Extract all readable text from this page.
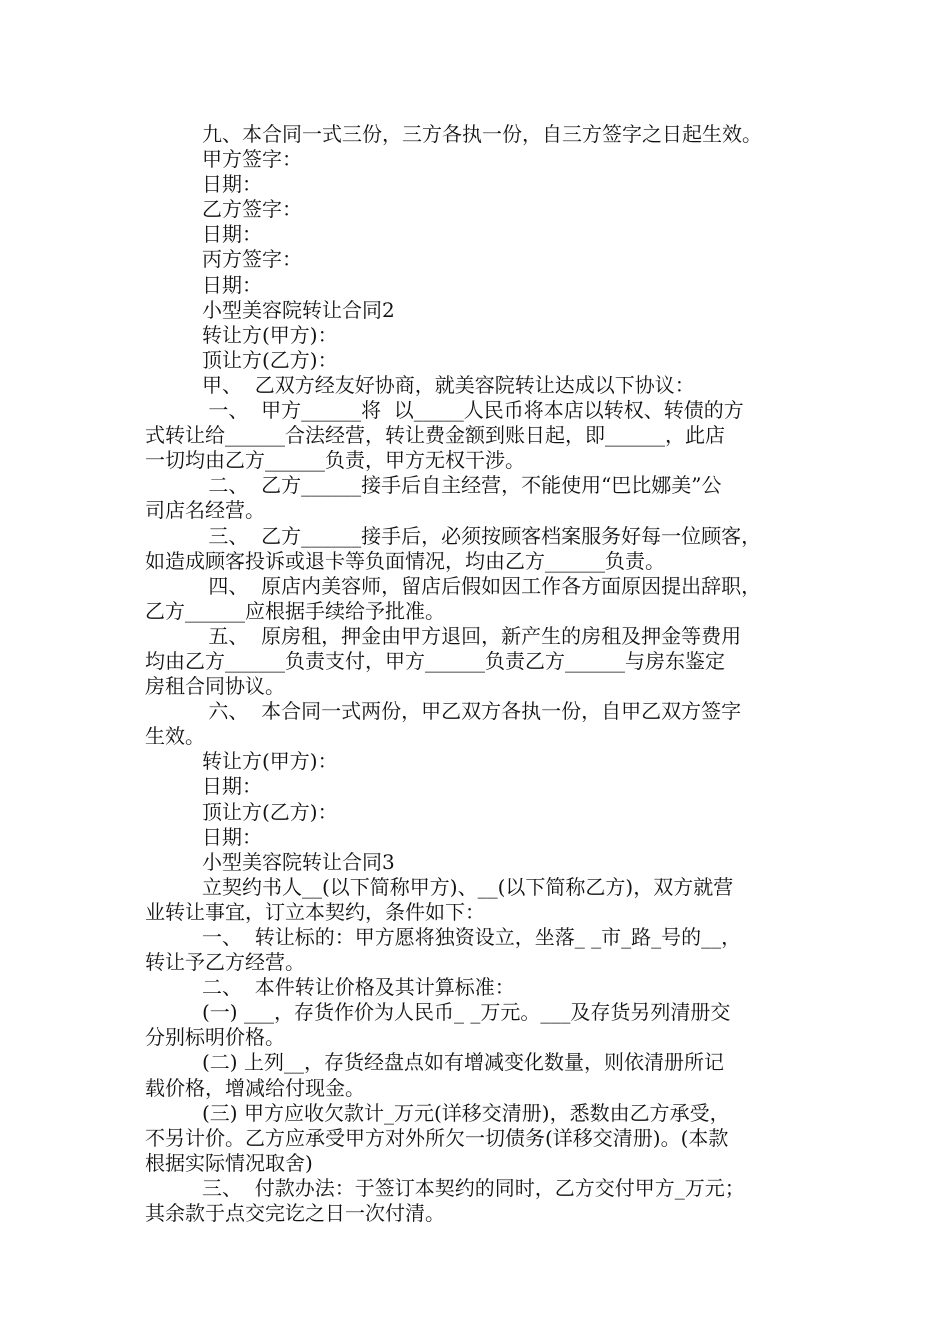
九、本合同一式三份，三方各执一份，自三方签字之日起生效。
甲方签字：
日期：
乙方签字：
日期：
丙方签字：
日期：
小型美容院转让合同2
转让方(甲方)：
顶让方(乙方)：
甲、  乙双方经友好协商，就美容院转让达成以下协议：
一、  甲方______将  以_____人民币将本店以转权、转债的方
式转让给______合法经营，转让费金额到账日起，即______，此店
一切均由乙方______负责，甲方无权干涉。
二、  乙方______接手后自主经营，不能使用“巴比娜美”公
司店名经营。
三、  乙方______接手后，必须按顾客档案服务好每一位顾客，
如造成顾客投诉或退卡等负面情况，均由乙方______负责。
四、  原店内美容师，留店后假如因工作各方面原因提出辞职，
乙方______应根据手续给予批准。
五、  原房租，押金由甲方退回，新产生的房租及押金等费用
均由乙方______负责支付，甲方______负责乙方______与房东鉴定
房租合同协议。
六、  本合同一式两份，甲乙双方各执一份，自甲乙双方签字
生效。
转让方(甲方)：
日期：
顶让方(乙方)：
日期：
小型美容院转让合同3
立契约书人__(以下简称甲方)、__(以下简称乙方)，双方就营
业转让事宜，订立本契约，条件如下：
一、  转让标的：甲方愿将独资设立，坐落_ _市_路_号的__，
转让予乙方经营。
二、  本件转让价格及其计算标准：
(一) ___，存货作价为人民币_ _万元。___及存货另列清册交
分别标明价格。
(二) 上列__，存货经盘点如有增减变化数量，则依清册所记
载价格，增减给付现金。
(三) 甲方应收欠款计_万元(详移交清册)，悉数由乙方承受，
不另计价。乙方应承受甲方对外所欠一切债务(详移交清册)。(本款
根据实际情况取舍)
三、  付款办法：于签订本契约的同时，乙方交付甲方_万元；
其余款于点交完讫之日一次付清。
